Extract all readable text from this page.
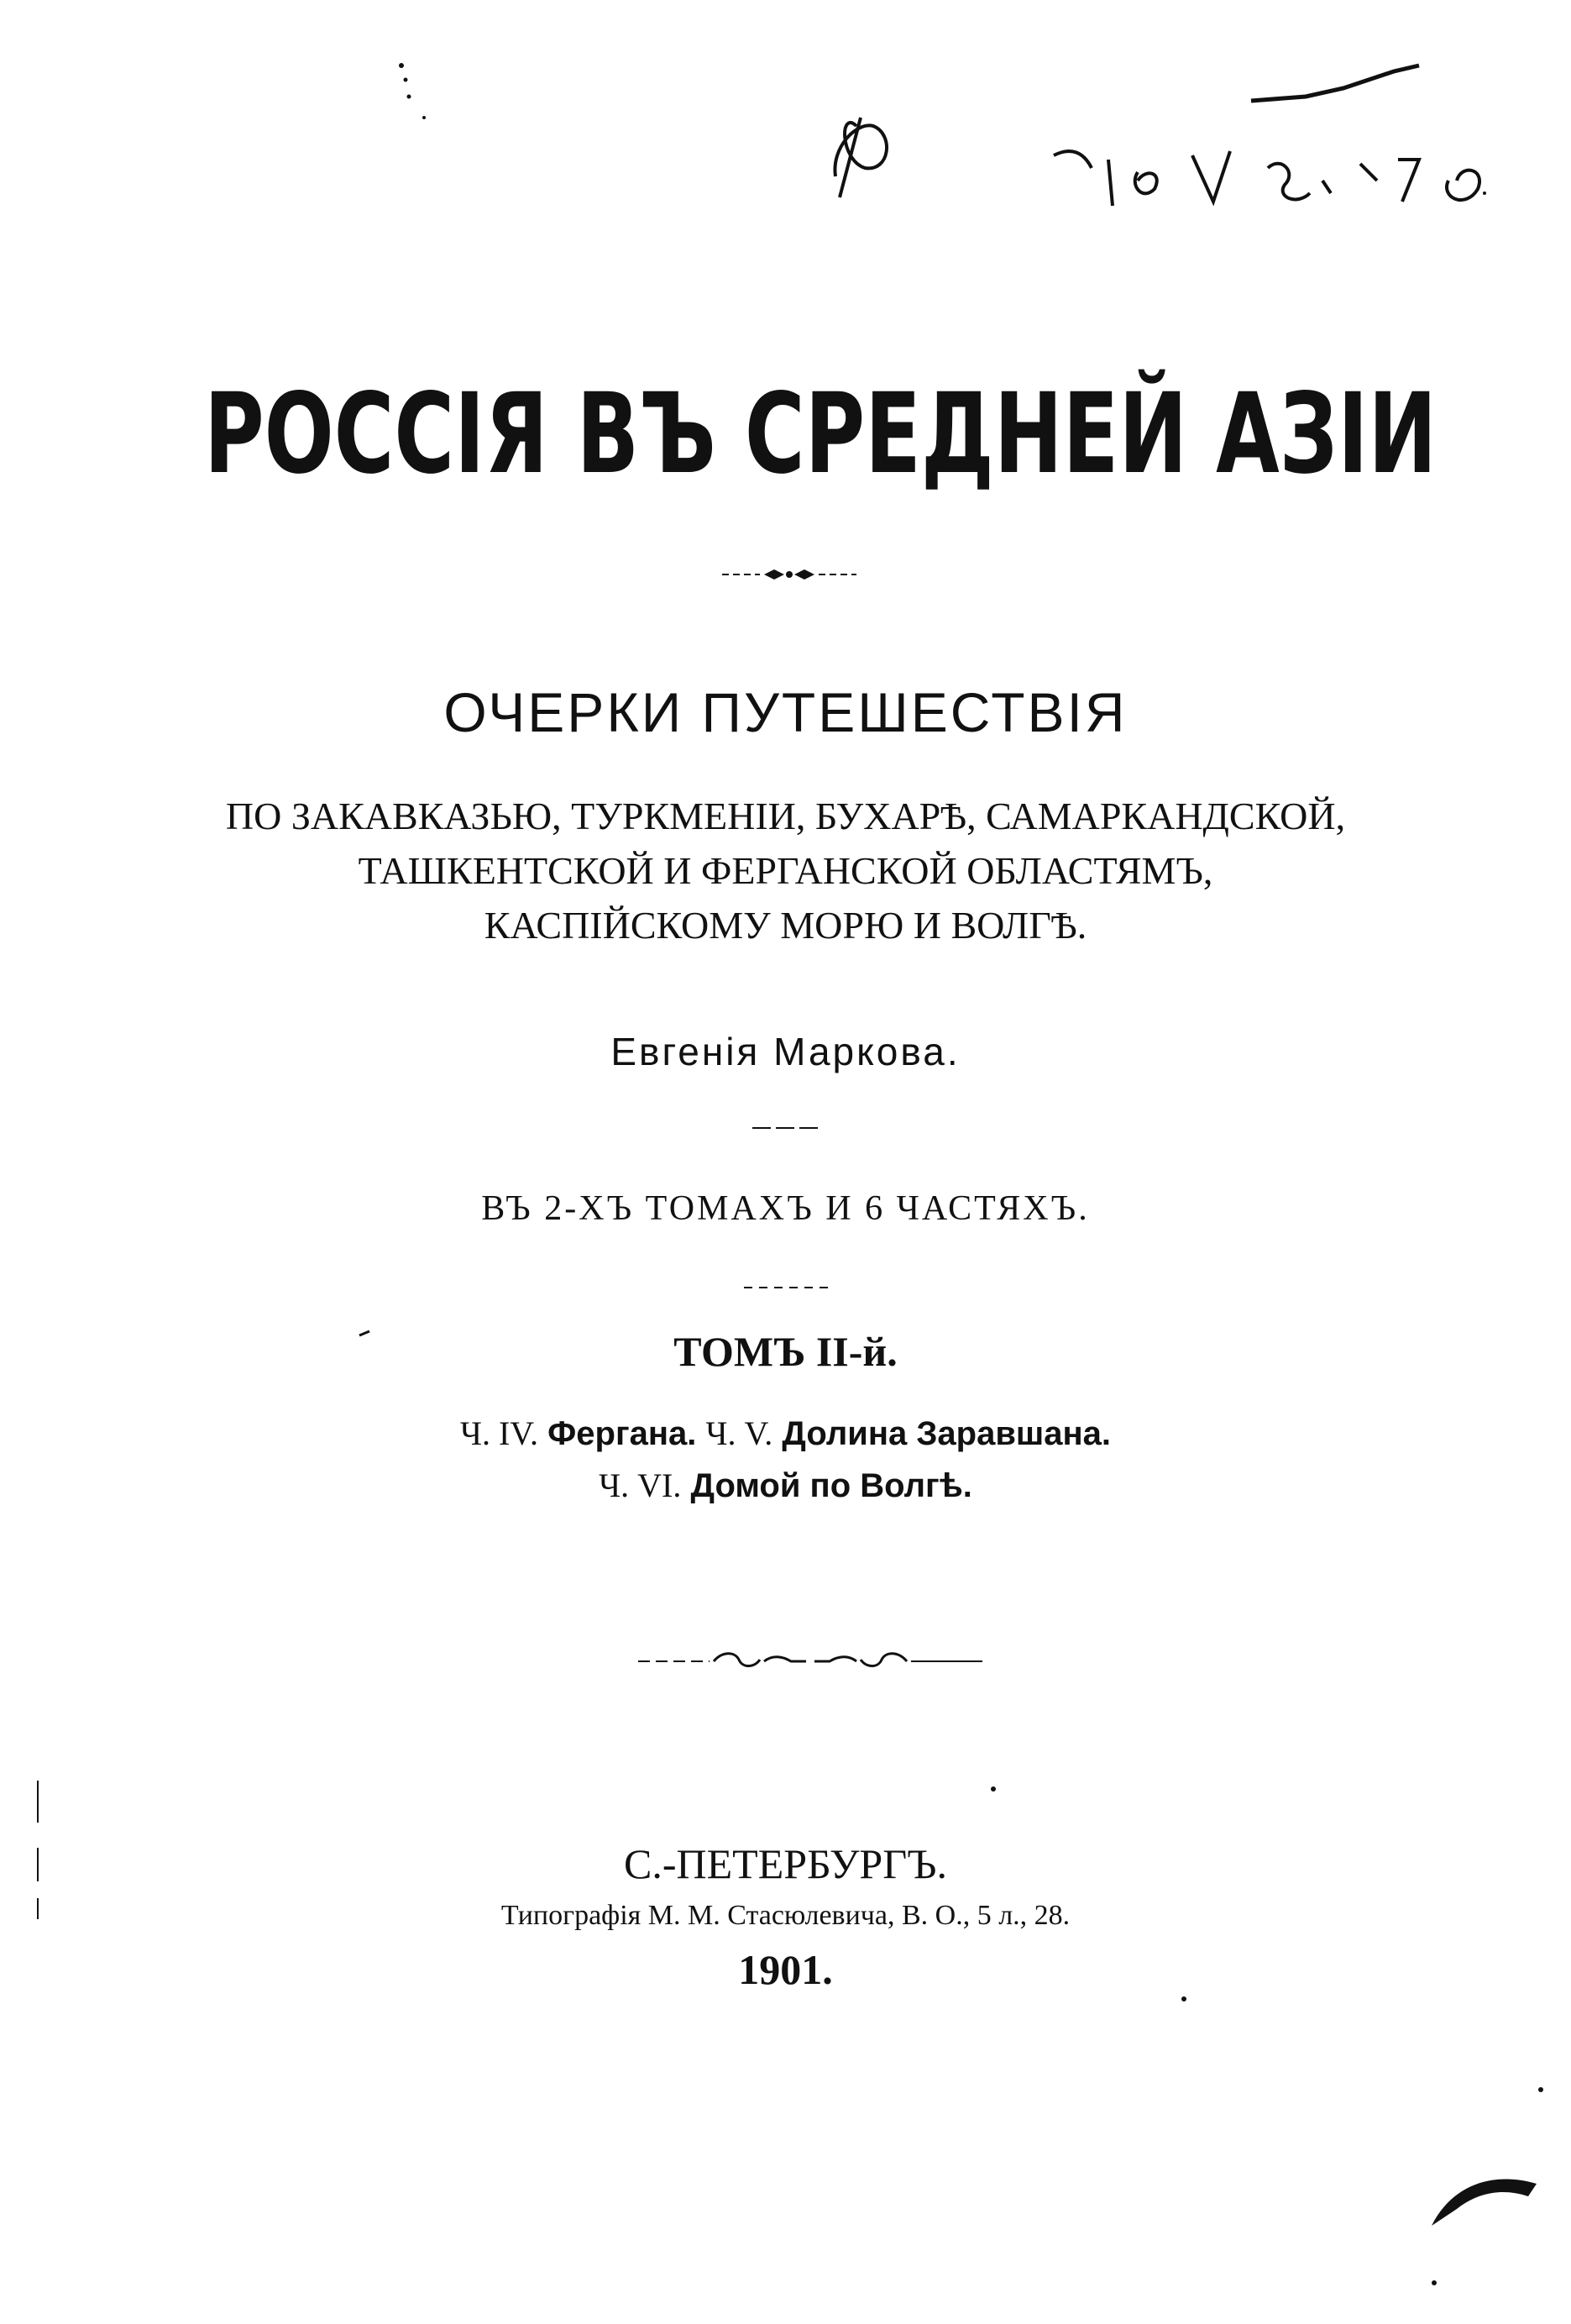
РОССІЯ ВЪ СРЕДНЕЙ АЗІИ
ОЧЕРКИ ПУТЕШЕСТВІЯ
ПО ЗАКАВКАЗЬЮ, ТУРКМЕНІИ, БУХАРѢ, САМАРКАНДСКОЙ,
ТАШКЕНТСКОЙ И ФЕРГАНСКОЙ ОБЛАСТЯМЪ,
КАСПІЙСКОМУ МОРЮ И ВОЛГѢ.
Евгенія Маркова.
ВЪ 2-ХЪ ТОМАХЪ И 6 ЧАСТЯХЪ.
ТОМЪ II-й.
Ч. IV. Фергана. Ч. V. Долина Заравшана.
Ч. VI. Домой по Волгѣ.
С.-ПЕТЕРБУРГЪ.
Типографія М. М. Стасюлевича, В. О., 5 л., 28.
1901.
